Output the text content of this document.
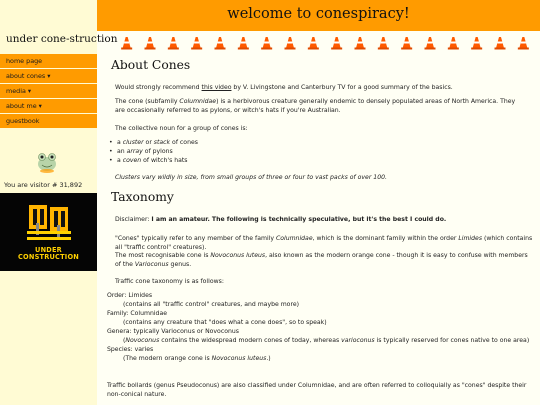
under cone-struction
home page
about cones ▾
media ▾
about me ▾
guestbook
You are visitor # 31,892
UNDER
CONSTRUCTION
welcome to conespiracy!
About Cones
Would strongly recommend this video by V. Livingstone and Canterbury TV for a good summary of the basics.
The cone (subfamily Columnidae) is a herbivorous creature generally endemic to densely populated areas of North America. They are occasionally referred to as pylons, or witch's hats if you're Australian.
The collective noun for a group of cones is:
• a cluster or stack of cones
• an array of pylons
• a coven of witch's hats
Clusters vary wildly in size, from small groups of three or four to vast packs of over 100.
Taxonomy
Disclaimer: I am an amateur. The following is technically speculative, but it's the best I could do.
"Cones" typically refer to any member of the family Columnidae, which is the dominant family within the order Limides (which contains all "traffic control" creatures).
The most recognisable cone is Novoconus luteus, also known as the modern orange cone - though it is easy to confuse with members of the Varioconus genus.
Traffic cone taxonomy is as follows:
Order: Limides
(contains all "traffic control" creatures, and maybe more)
Family: Columnidae
(contains any creature that "does what a cone does", so to speak)
Genera: typically Varioconus or Novoconus
(Novoconus contains the widespread modern cones of today, whereas varioconus is typically reserved for cones native to one area)
Species: varies
(The modern orange cone is Novoconus luteus.)
Traffic bollards (genus Pseudoconus) are also classified under Columnidae, and are often referred to colloquially as "cones" despite their non-conical nature.
